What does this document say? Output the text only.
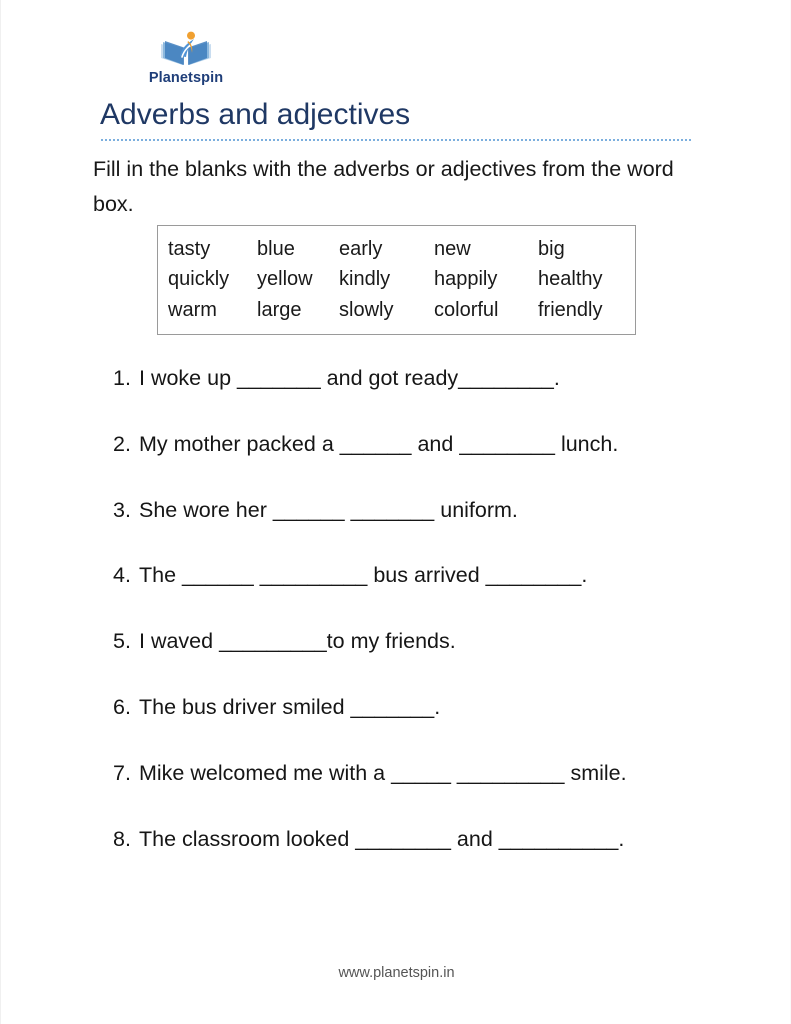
Planetspin
Adverbs and adjectives
Fill in the blanks with the adverbs or adjectives from the word box.
tasty	blue	early	new	big
quickly	yellow	kindly	happily	healthy
warm	large	slowly	colorful	friendly
1. I woke up _______ and got ready________.
2. My mother packed a ______ and ________ lunch.
3. She wore her ______ _______ uniform.
4. The ______ _________ bus arrived ________.
5. I waved _________to my friends.
6. The bus driver smiled _______.
7. Mike welcomed me with a _____ _________ smile.
8. The classroom looked ________ and __________.
www.planetspin.in
